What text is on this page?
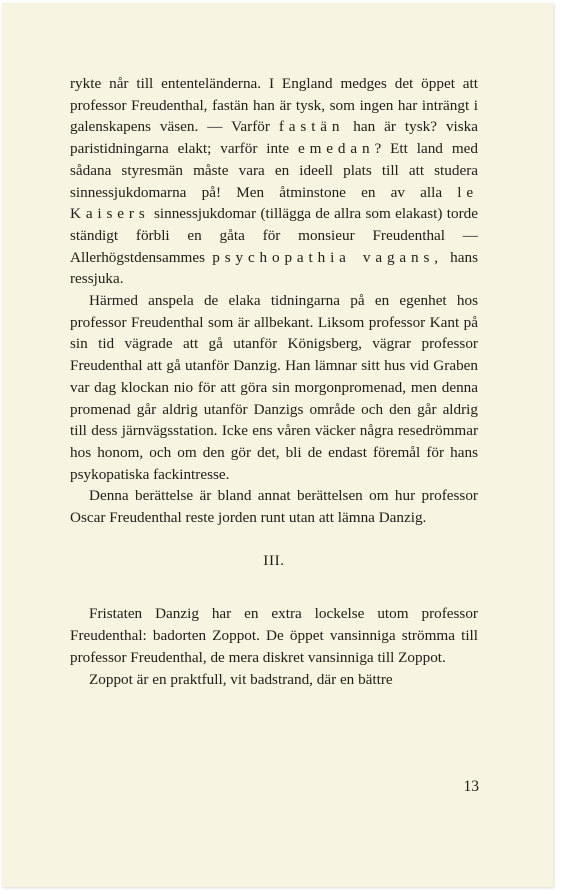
rykte når till ententeländerna. I England medges det öppet att professor Freudenthal, fastän han är tysk, som ingen har inträngt i galenskapens väsen. — Varför fastän han är tysk? viska paristidningarna elakt; varför inte emedan? Ett land med sådana styresmän måste vara en ideell plats till att studera sinnessjukdomarna på! Men åtminstone en av alla le Kaisers sinnessjukdomar (tillägga de allra som elakast) torde ständigt förbli en gåta för monsieur Freudenthal — Allerhögstdensammes psychopathia vagans, hans ressjuka.

Härmed anspela de elaka tidningarna på en egenhet hos professor Freudenthal som är allbekant. Liksom professor Kant på sin tid vägrade att gå utanför Königsberg, vägrar professor Freudenthal att gå utanför Danzig. Han lämnar sitt hus vid Graben var dag klockan nio för att göra sin morgonpromenad, men denna promenad går aldrig utanför Danzigs område och den går aldrig till dess järnvägsstation. Icke ens våren väcker några resedrömmar hos honom, och om den gör det, bli de endast föremål för hans psykopatiska fackintresse.

Denna berättelse är bland annat berättelsen om hur professor Oscar Freudenthal reste jorden runt utan att lämna Danzig.

III.

Fristaten Danzig har en extra lockelse utom professor Freudenthal: badorten Zoppot. De öppet vansinniga strömma till professor Freudenthal, de mera diskret vansinniga till Zoppot.

Zoppot är en praktfull, vit badstrand, där en bättre

13
